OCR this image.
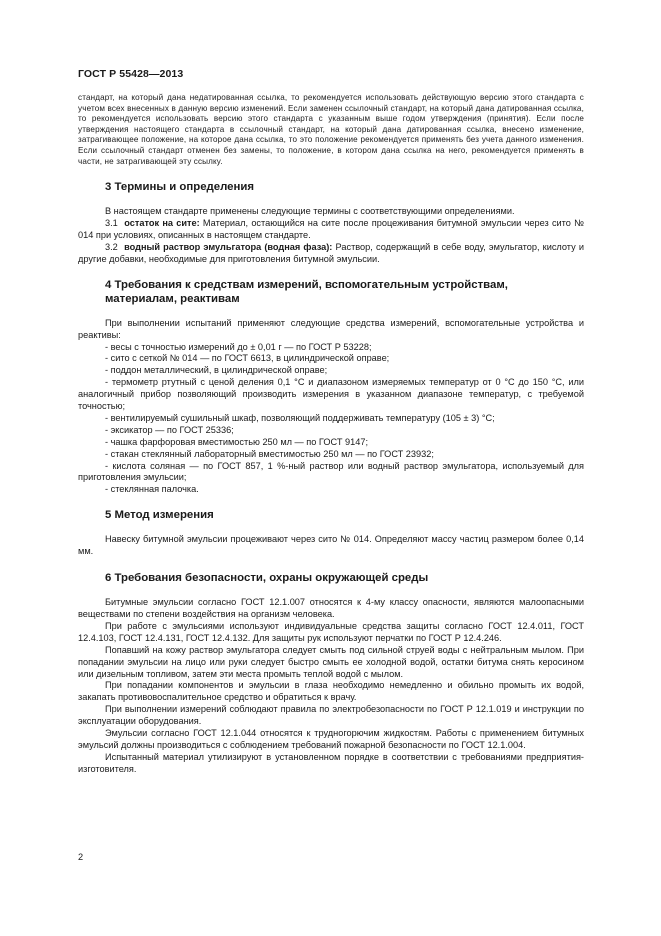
ГОСТ Р 55428—2013

стандарт, на который дана недатированная ссылка, то рекомендуется использовать действующую версию этого стандарта с учетом всех внесенных в данную версию изменений. Если заменен ссылочный стандарт, на который дана датированная ссылка, то рекомендуется использовать версию этого стандарта с указанным выше годом утверждения (принятия). Если после утверждения настоящего стандарта в ссылочный стандарт, на который дана датированная ссылка, внесено изменение, затрагивающее положение, на которое дана ссылка, то это положение рекомендуется применять без учета данного изменения. Если ссылочный стандарт отменен без замены, то положение, в котором дана ссылка на него, рекомендуется применять в части, не затрагивающей эту ссылку.

3 Термины и определения

В настоящем стандарте применены следующие термины с соответствующими определениями.

3.1 остаток на сите: Материал, остающийся на сите после процеживания битумной эмульсии через сито № 014 при условиях, описанных в настоящем стандарте.

3.2 водный раствор эмульгатора (водная фаза): Раствор, содержащий в себе воду, эмульгатор, кислоту и другие добавки, необходимые для приготовления битумной эмульсии.

4 Требования к средствам измерений, вспомогательным устройствам,
материалам, реактивам

При выполнении испытаний применяют следующие средства измерений, вспомогательные устройства и реактивы:

- весы с точностью измерений до ± 0,01 г — по ГОСТ Р 53228;

- сито с сеткой № 014 — по ГОСТ 6613, в цилиндрической оправе;

- поддон металлический, в цилиндрической оправе;

- термометр ртутный с ценой деления 0,1 °С и диапазоном измеряемых температур от 0 °С до 150 °С, или аналогичный прибор позволяющий производить измерения в указанном диапазоне температур, с требуемой точностью;

- вентилируемый сушильный шкаф, позволяющий поддерживать температуру (105 ± 3) °С;

- эксикатор — по ГОСТ 25336;

- чашка фарфоровая вместимостью 250 мл — по ГОСТ 9147;

- стакан стеклянный лабораторный вместимостью 250 мл — по ГОСТ 23932;

- кислота соляная — по ГОСТ 857, 1 %-ный раствор или водный раствор эмульгатора, используемый для приготовления эмульсии;

- стеклянная палочка.

5 Метод измерения

Навеску битумной эмульсии процеживают через сито № 014. Определяют массу частиц размером более 0,14 мм.

6 Требования безопасности, охраны окружающей среды

Битумные эмульсии согласно ГОСТ 12.1.007 относятся к 4-му классу опасности, являются малоопасными веществами по степени воздействия на организм человека.

При работе с эмульсиями используют индивидуальные средства защиты согласно ГОСТ 12.4.011, ГОСТ 12.4.103, ГОСТ 12.4.131, ГОСТ 12.4.132. Для защиты рук используют перчатки по ГОСТ Р 12.4.246.

Попавший на кожу раствор эмульгатора следует смыть под сильной струей воды с нейтральным мылом. При попадании эмульсии на лицо или руки следует быстро смыть ее холодной водой, остатки битума снять керосином или дизельным топливом, затем эти места промыть теплой водой с мылом.

При попадании компонентов и эмульсии в глаза необходимо немедленно и обильно промыть их водой, закапать противовоспалительное средство и обратиться к врачу.

При выполнении измерений соблюдают правила по электробезопасности по ГОСТ Р 12.1.019 и инструкции по эксплуатации оборудования.

Эмульсии согласно ГОСТ 12.1.044 относятся к трудногорючим жидкостям. Работы с применением битумных эмульсий должны производиться с соблюдением требований пожарной безопасности по ГОСТ 12.1.004.

Испытанный материал утилизируют в установленном порядке в соответствии с требованиями предприятия-изготовителя.

2
